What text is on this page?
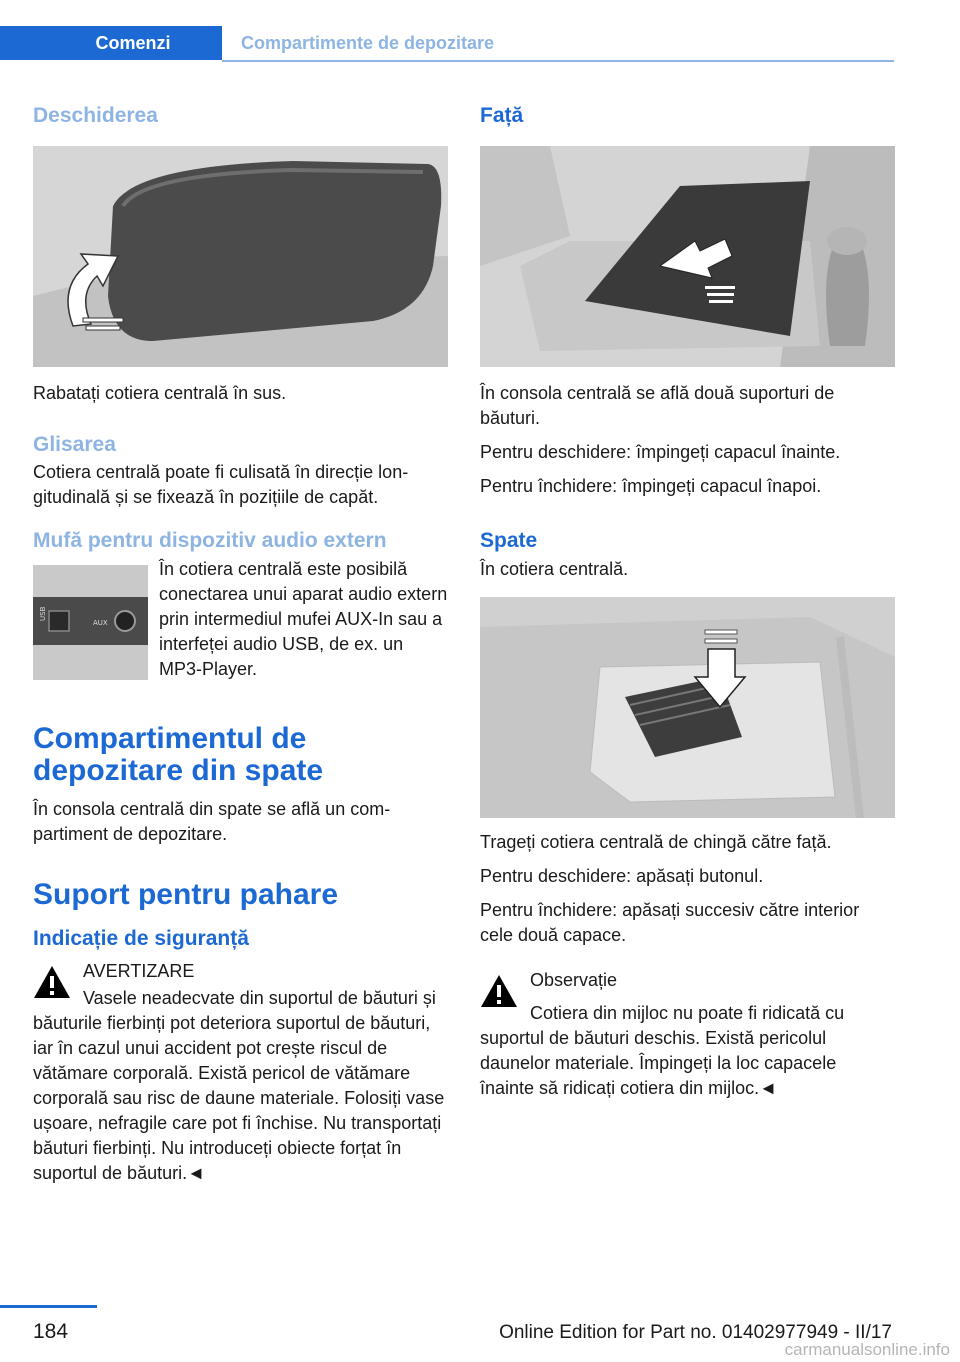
Comenzi	Compartimente de depozitare
Deschiderea

Rabatați cotiera centrală în sus.

Glisarea

Cotiera centrală poate fi culisată în direcție longitudinală și se fixează în pozițiile de capăt.

Mufă pentru dispozitiv audio extern
USB
AUX

În cotiera centrală este posibilă conectarea unui aparat audio extern prin intermediul mufei AUX-In sau a interfeței audio USB, de ex. un MP3-Player.

Compartimentul de depozitare din spate

În consola centrală din spate se află un compartiment de depozitare.

Suport pentru pahare
Indicație de siguranță

AVERTIZARE

Vasele neadecvate din suportul de băuturi și băuturile fierbinți pot deteriora suportul de băuturi, iar în cazul unui accident pot crește riscul de vătămare corporală. Există pericol de vătămare corporală sau risc de daune materiale. Folosiți vase ușoare, nefragile care pot fi închise. Nu transportați băuturi fierbinți. Nu introduceți obiecte forțat în suportul de băuturi.◄

Față

În consola centrală se află două suporturi de băuturi.

Pentru deschidere: împingeți capacul înainte.

Pentru închidere: împingeți capacul înapoi.

Spate

În cotiera centrală.

Trageți cotiera centrală de chingă către față.

Pentru deschidere: apăsați butonul.

Pentru închidere: apăsați succesiv către interior cele două capace.

Observație

Cotiera din mijloc nu poate fi ridicată cu suportul de băuturi deschis. Există pericolul daunelor materiale. Împingeți la loc capacele înainte să ridicați cotiera din mijloc.◄

184	Online Edition for Part no. 01402977949 - II/17
carmanualsonline.info
